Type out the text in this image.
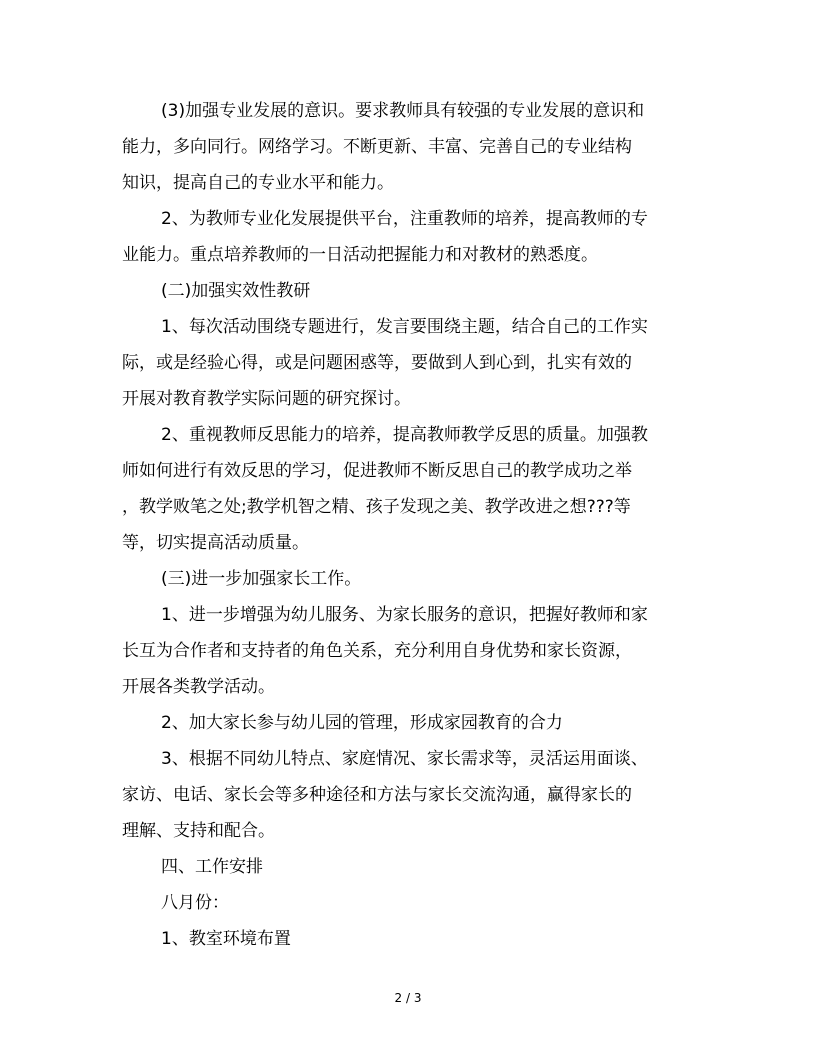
(3)加强专业发展的意识。要求教师具有较强的专业发展的意识和
能力，多向同行。网络学习。不断更新、丰富、完善自己的专业结构
知识，提高自己的专业水平和能力。

2、为教师专业化发展提供平台，注重教师的培养，提高教师的专
业能力。重点培养教师的一日活动把握能力和对教材的熟悉度。

(二)加强实效性教研

1、每次活动围绕专题进行，发言要围绕主题，结合自己的工作实
际，或是经验心得，或是问题困惑等，要做到人到心到，扎实有效的
开展对教育教学实际问题的研究探讨。

2、重视教师反思能力的培养，提高教师教学反思的质量。加强教
师如何进行有效反思的学习，促进教师不断反思自己的教学成功之举
，教学败笔之处;教学机智之精、孩子发现之美、教学改进之想???等
等，切实提高活动质量。

(三)进一步加强家长工作。

1、进一步增强为幼儿服务、为家长服务的意识，把握好教师和家
长互为合作者和支持者的角色关系，充分利用自身优势和家长资源，
开展各类教学活动。

2、加大家长参与幼儿园的管理，形成家园教育的合力

3、根据不同幼儿特点、家庭情况、家长需求等，灵活运用面谈、
家访、电话、家长会等多种途径和方法与家长交流沟通，赢得家长的
理解、支持和配合。

四、工作安排

八月份：

1、教室环境布置

2 / 3
